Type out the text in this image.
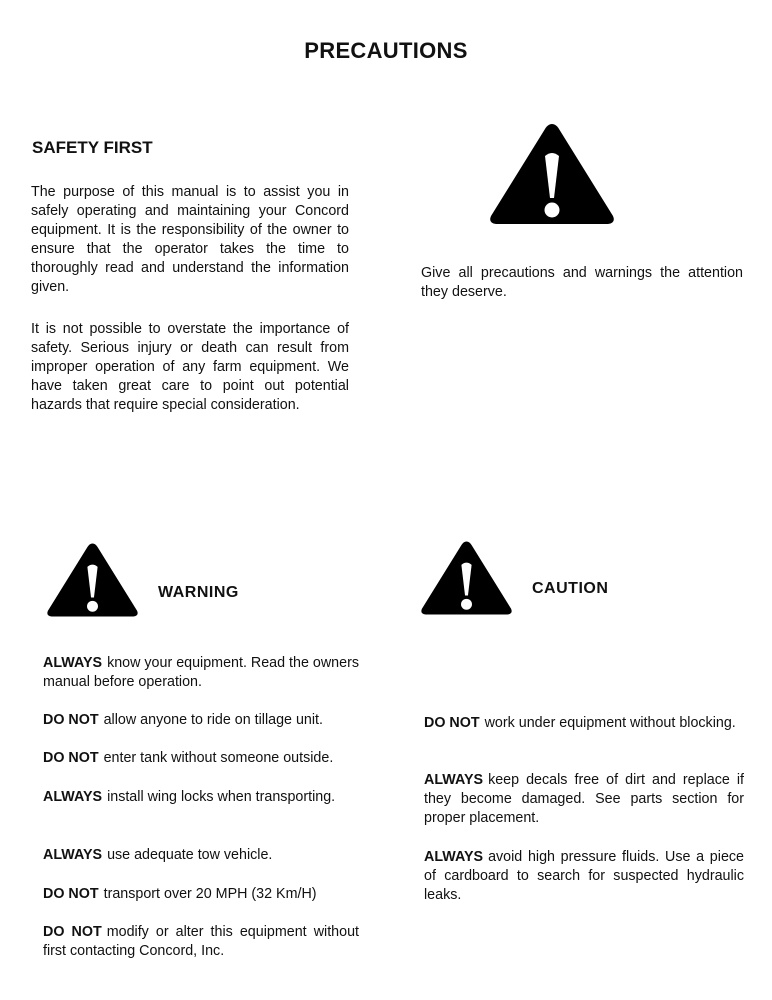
PRECAUTIONS
SAFETY FIRST
The purpose of this manual is to assist you in safely operating and maintaining your Concord equipment. It is the responsibility of the owner to ensure that the operator takes the time to thoroughly read and understand the information given.
It is not possible to overstate the importance of safety. Serious injury or death can result from improper operation of any farm equipment. We have taken great care to point out potential hazards that require special consideration.
Give all precautions and warnings the attention they deserve.
WARNING
ALWAYS know your equipment. Read the owners manual before operation.
DO NOT allow anyone to ride on tillage unit.
DO NOT enter tank without someone outside.
ALWAYS install wing locks when transporting.
ALWAYS use adequate tow vehicle.
DO NOT transport over 20 MPH (32 Km/H)
DO NOT modify or alter this equipment without first contacting Concord, Inc.
CAUTION
DO NOT work under equipment without blocking.
ALWAYS keep decals free of dirt and replace if they become damaged. See parts section for proper placement.
ALWAYS avoid high pressure fluids. Use a piece of cardboard to search for suspected hydraulic leaks.
